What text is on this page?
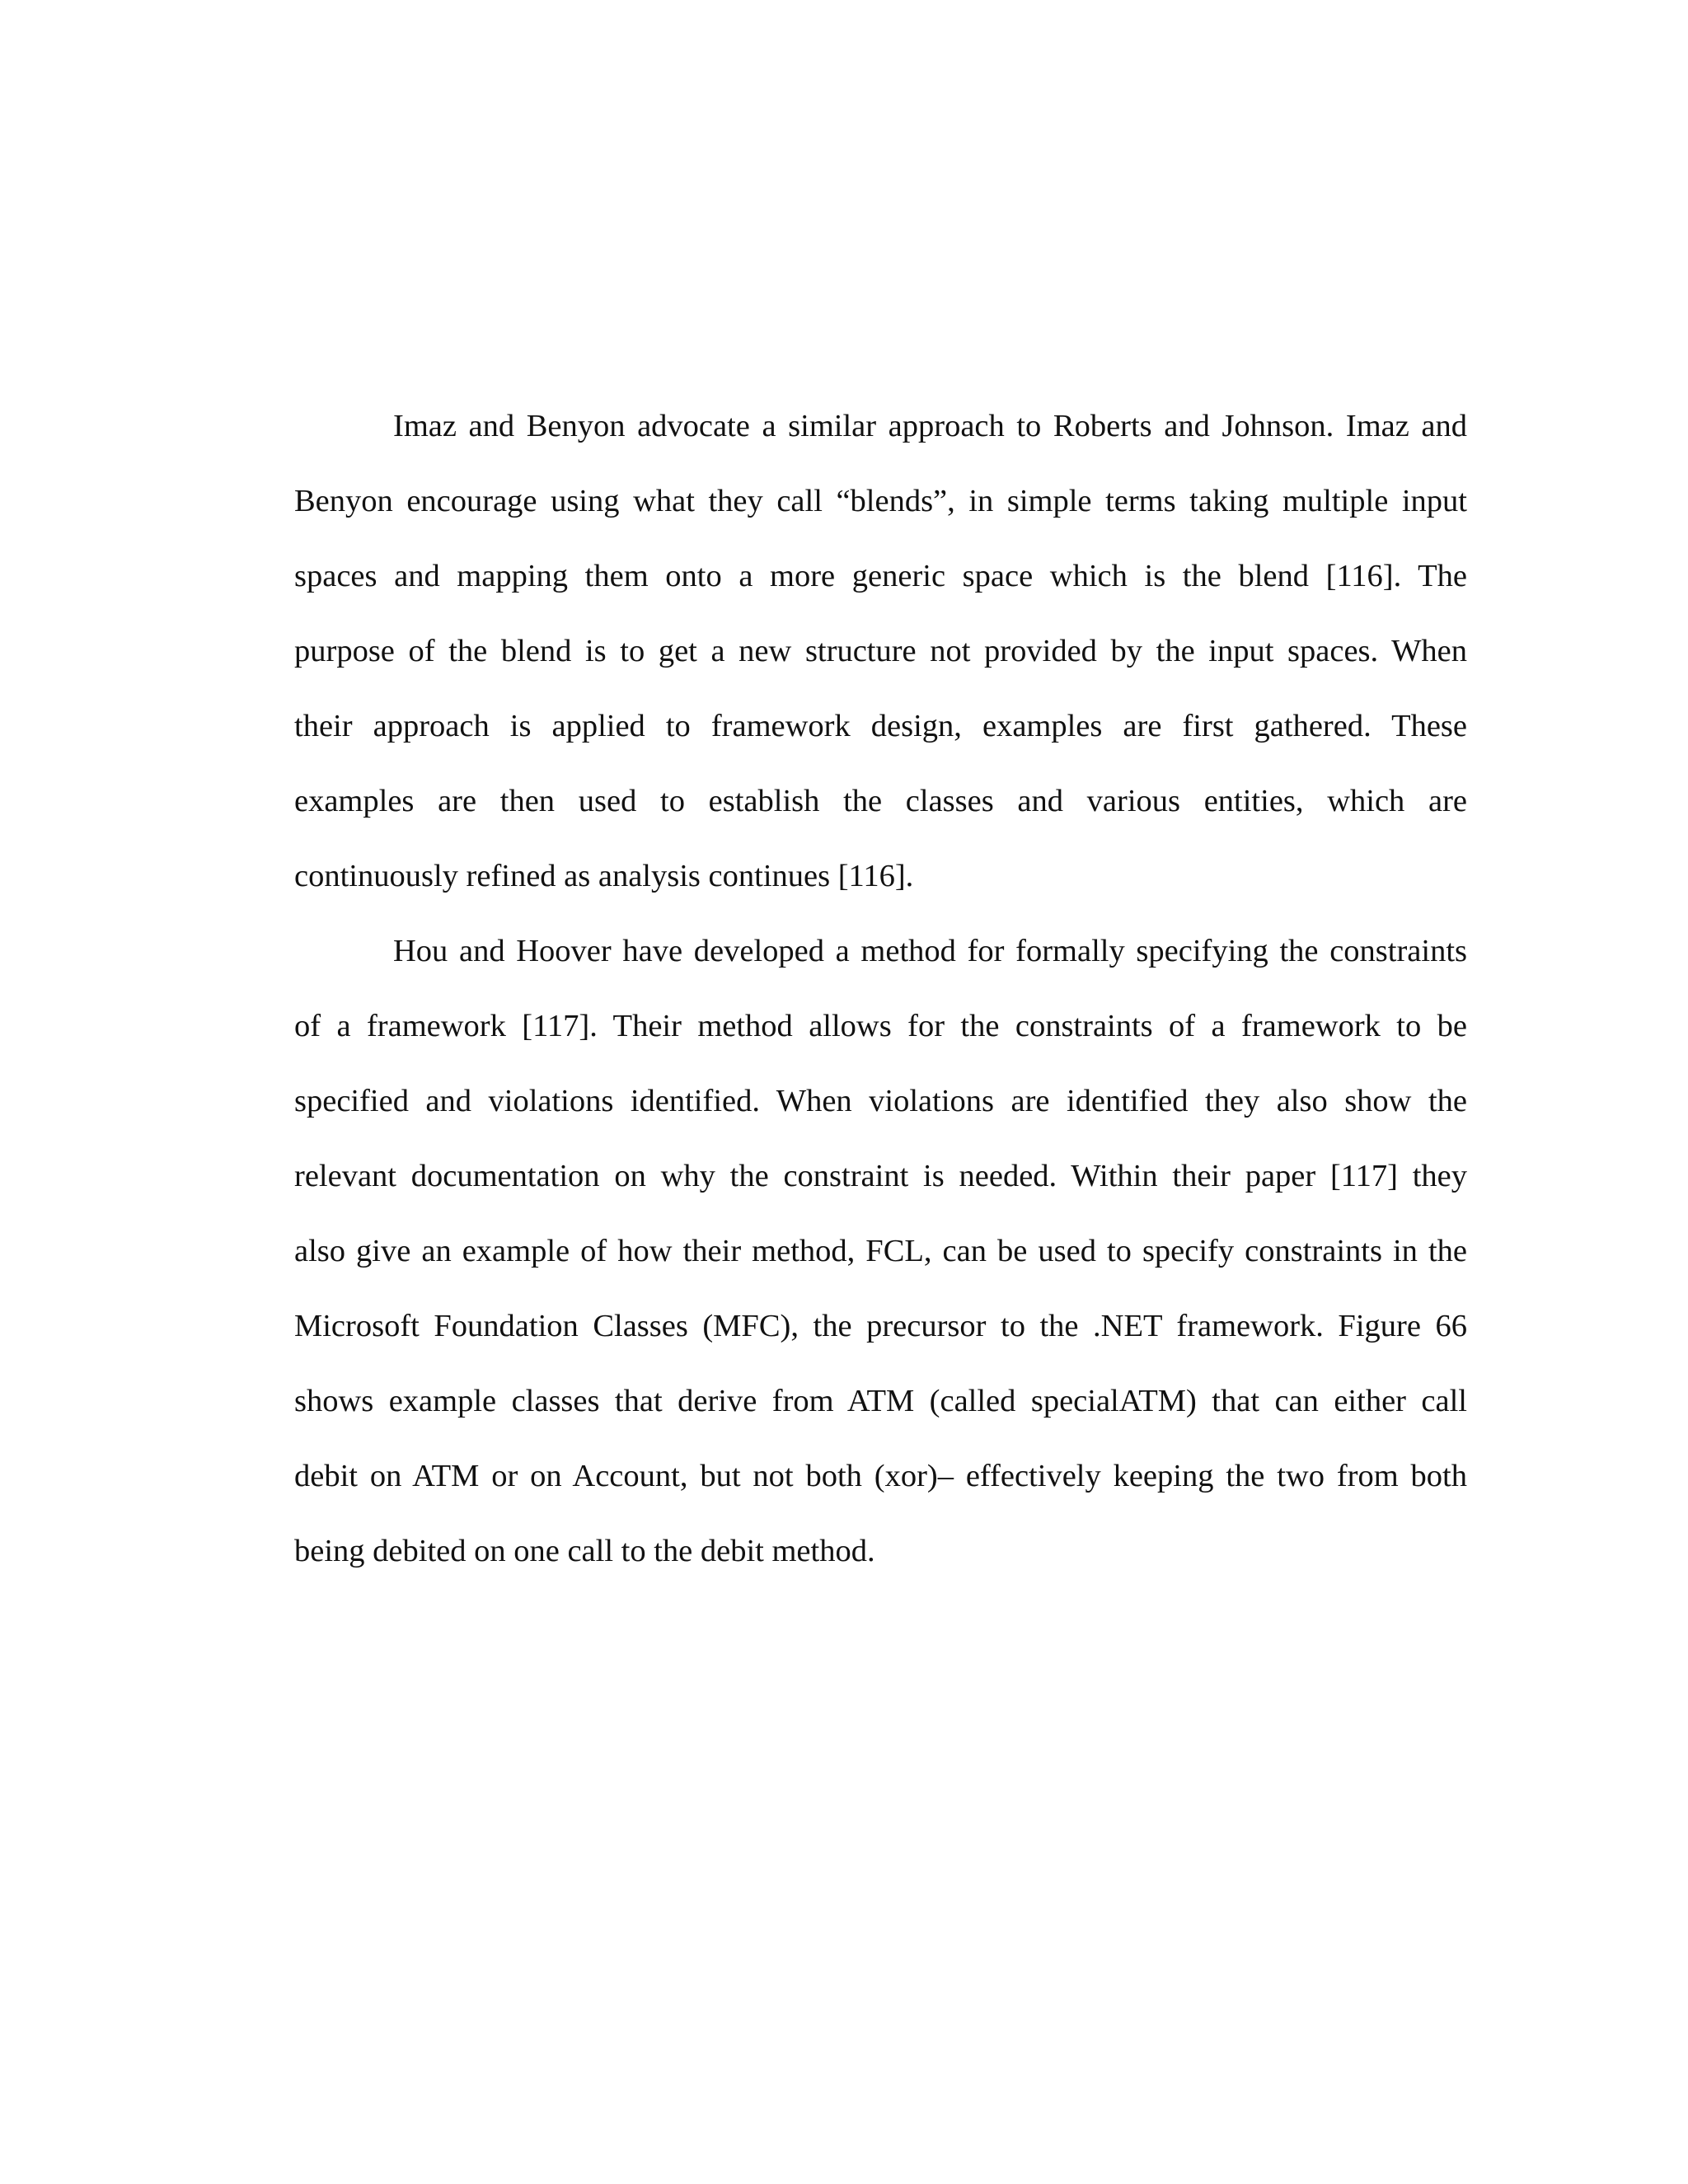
Imaz and Benyon advocate a similar approach to Roberts and Johnson. Imaz and
Benyon encourage using what they call “blends”, in simple terms taking multiple input
spaces and mapping them onto a more generic space which is the blend [116]. The
purpose of the blend is to get a new structure not provided by the input spaces. When
their approach is applied to framework design, examples are first gathered. These
examples are then used to establish the classes and various entities, which are
continuously refined as analysis continues [116].
Hou and Hoover have developed a method for formally specifying the constraints
of a framework [117]. Their method allows for the constraints of a framework to be
specified and violations identified. When violations are identified they also show the
relevant documentation on why the constraint is needed. Within their paper [117] they
also give an example of how their method, FCL, can be used to specify constraints in the
Microsoft Foundation Classes (MFC), the precursor to the .NET framework. Figure 66
shows example classes that derive from ATM (called specialATM) that can either call
debit on ATM or on Account, but not both (xor)– effectively keeping the two from both
being debited on one call to the debit method.
